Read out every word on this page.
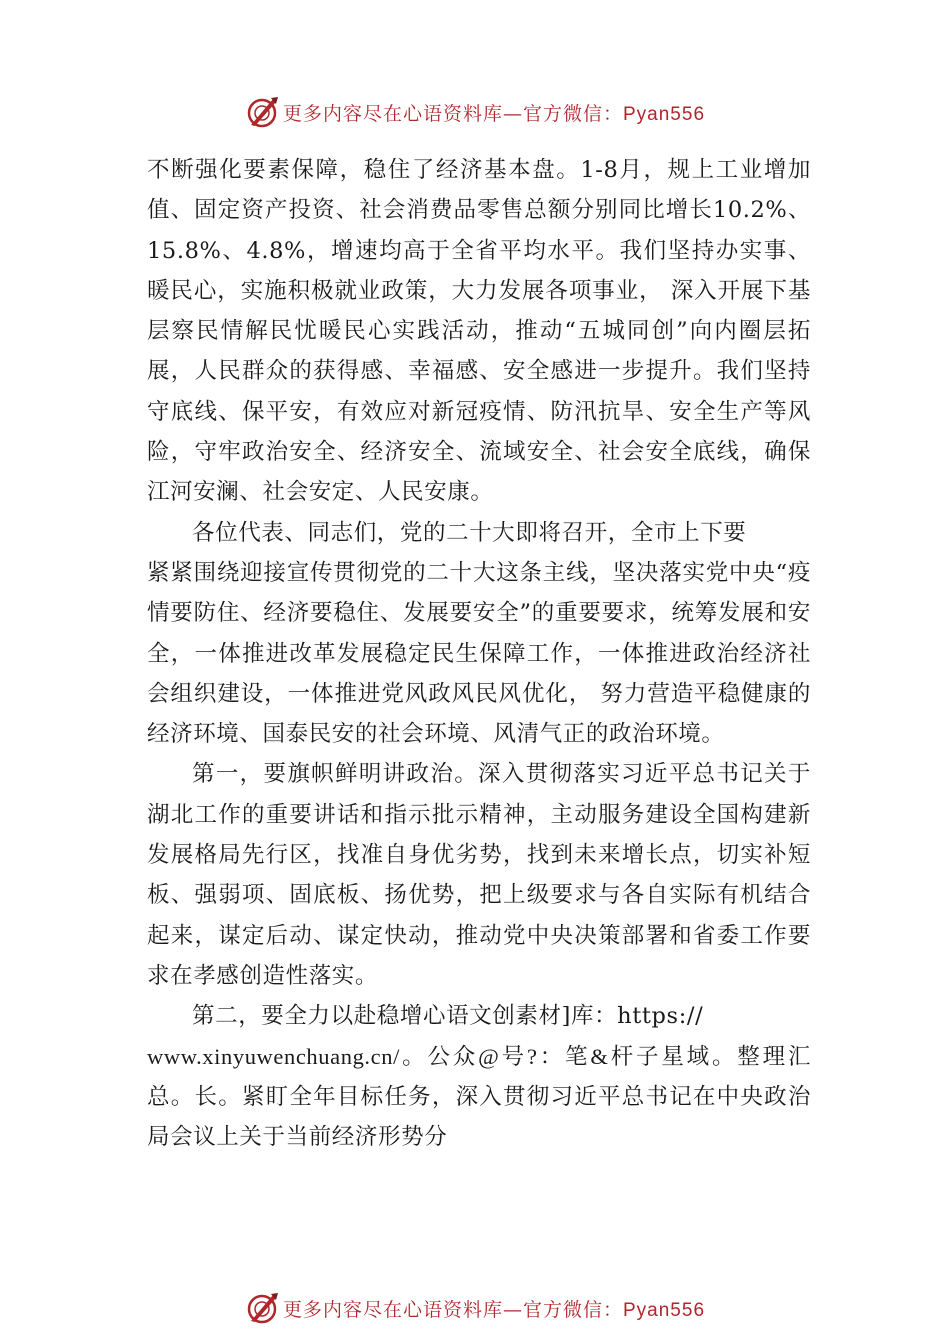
更多内容尽在心语资料库—官方微信：Pyan556

不断强化要素保障，稳住了经济基本盘。1-8月，规上工业增加值、固定资产投资、社会消费品零售总额分别同比增长10.2%、15.8%、4.8%，增速均高于全省平均水平。我们坚持办实事、暖民心，实施积极就业政策，大力发展各项事业， 深入开展下基层察民情解民忧暖民心实践活动，推动“五城同创”向内圈层拓展，人民群众的获得感、幸福感、安全感进一步提升。我们坚持守底线、保平安，有效应对新冠疫情、防汛抗旱、安全生产等风险，守牢政治安全、经济安全、流域安全、社会安全底线，确保江河安澜、社会安定、人民安康。

各位代表、同志们，党的二十大即将召开，全市上下要

紧紧围绕迎接宣传贯彻党的二十大这条主线，坚决落实党中央“疫情要防住、经济要稳住、发展要安全”的重要要求，统筹发展和安全，一体推进改革发展稳定民生保障工作，一体推进政治经济社会组织建设，一体推进党风政风民风优化， 努力营造平稳健康的经济环境、国泰民安的社会环境、风清气正的政治环境。

第一，要旗帜鲜明讲政治。深入贯彻落实习近平总书记关于湖北工作的重要讲话和指示批示精神，主动服务建设全国构建新发展格局先行区，找准自身优劣势，找到未来增长点，切实补短板、强弱项、固底板、扬优势，把上级要求与各自实际有机结合起来，谋定后动、谋定快动，推动党中央决策部署和省委工作要求在孝感创造性落实。

第二，要全力以赴稳增心语文创素材]库：https://

www.xinyuwenchuang.cn/。公众@号?：笔&杆子星域。整理汇总。长。紧盯全年目标任务，深入贯彻习近平总书记在中央政治局会议上关于当前经济形势分

更多内容尽在心语资料库—官方微信：Pyan556
